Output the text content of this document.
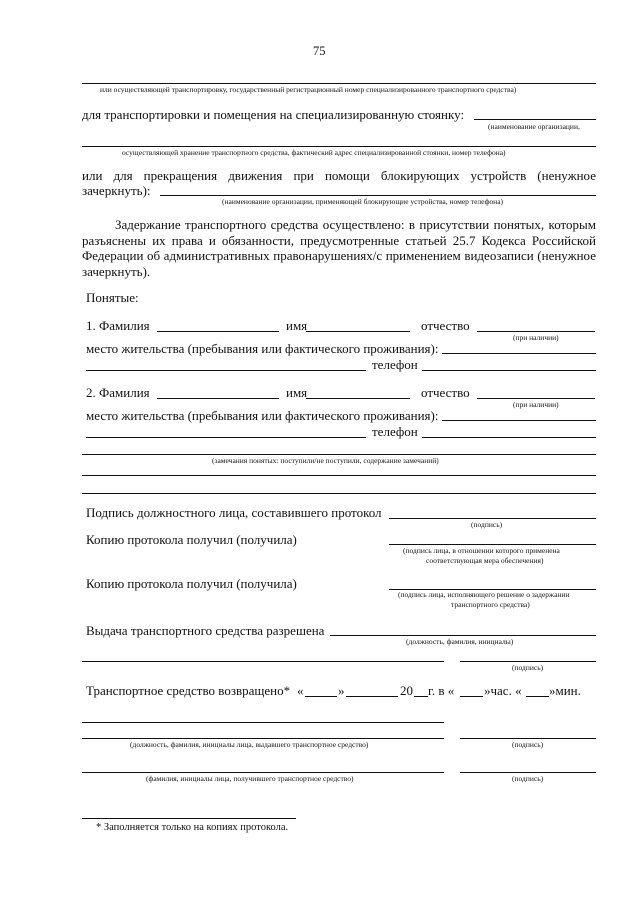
75
или осуществляющей транспортировку, государственный регистрационный номер специализированного транспортного средства)
для транспортировки и помещения на специализированную стоянку:
(наименование организации,
осуществляющей хранение транспортного средства, фактический адрес специализированной стоянки, номер телефона)
или для прекращения движения при помощи блокирующих устройств (ненужное
зачеркнуть):
(наименование организации, применяющей блокирующие устройства, номер телефона)
Задержание транспортного средства осуществлено: в присутствии понятых, которым разъяснены их права и обязанности, предусмотренные статьей 25.7 Кодекса Российской Федерации об административных правонарушениях/с применением видеозаписи (ненужное зачеркнуть).
Понятые:
1. Фамилия	имя	отчество
(при наличии)
место жительства (пребывания или фактического проживания):
телефон
2. Фамилия	имя	отчество
(при наличии)
место жительства (пребывания или фактического проживания):
телефон
(замечания понятых: поступили/не поступили, содержание замечаний)
Подпись должностного лица, составившего протокол
(подпись)
Копию протокола получил (получила)
(подпись лица, в отношении которого применена
соответствующая мера обеспечения)
Копию протокола получил (получила)
(подпись лица, исполняющего решение о задержании
транспортного средства)
Выдача транспортного средства разрешена
(должность, фамилия, инициалы)
(подпись)
Транспортное средство возвращено* «	»	20 г. в « »час. « »мин.
(должность, фамилия, инициалы лица, выдавшего транспортное средство)	(подпись)
(фамилия, инициалы лица, получившего транспортное средство)	(подпись)
* Заполняется только на копиях протокола.
